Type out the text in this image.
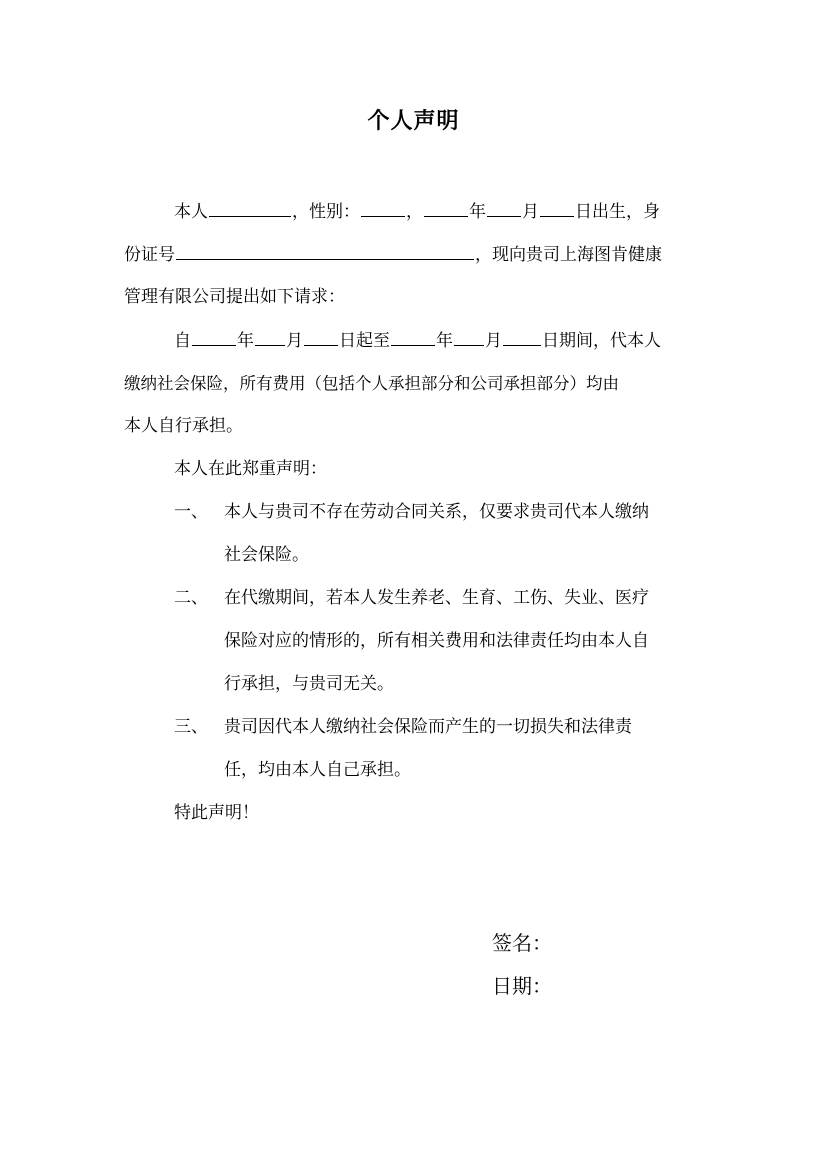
个人声明
本人	，性别：	，	年 月 日出生，身
份证号	，现向贵司上海图肯健康
管理有限公司提出如下请求：
自	年 月 日起至	年 月 日期间，代本人
缴纳社会保险，所有费用（包括个人承担部分和公司承担部分）均由
本人自行承担。
本人在此郑重声明：
一、 本人与贵司不存在劳动合同关系，仅要求贵司代本人缴纳
社会保险。
二、 在代缴期间，若本人发生养老、生育、工伤、失业、医疗
保险对应的情形的，所有相关费用和法律责任均由本人自
行承担，与贵司无关。
三、 贵司因代本人缴纳社会保险而产生的一切损失和法律责
任，均由本人自己承担。
特此声明！
签名：
日期：
